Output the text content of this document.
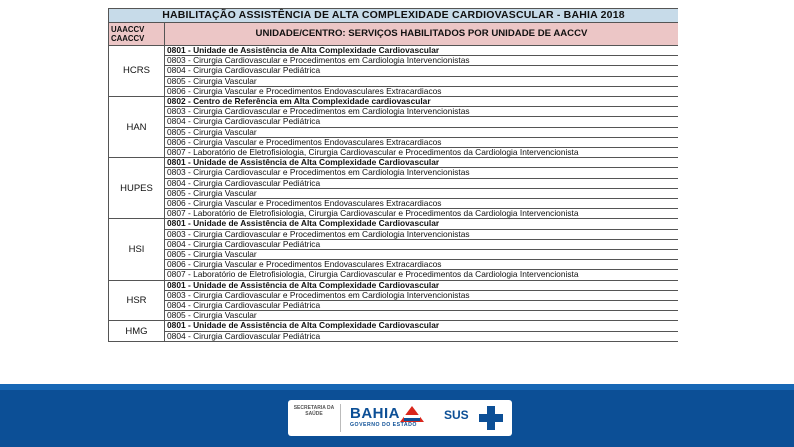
HABILITAÇÃO ASSISTÊNCIA DE ALTA COMPLEXIDADE CARDIOVASCULAR - BAHIA 2018	

UAACCV
CAACCV	UNIDADE/CENTRO: SERVIÇOS HABILITADOS POR UNIDADE DE AACCV
HCRS	0801 - Unidade de Assistência de Alta Complexidade Cardiovascular
	0803 - Cirurgia Cardiovascular e Procedimentos em Cardiologia Intervencionistas
	0804 - Cirurgia Cardiovascular Pediátrica
	0805 - Cirurgia Vascular
	0806 - Cirurgia Vascular e Procedimentos Endovasculares Extracardiacos
HAN	0802 - Centro de Referência em Alta Complexidade cardiovascular
	0803 - Cirurgia Cardiovascular e Procedimentos em Cardiologia Intervencionistas
	0804 - Cirurgia Cardiovascular Pediátrica
	0805 - Cirurgia Vascular
	0806 - Cirurgia Vascular e Procedimentos Endovasculares Extracardiacos
	0807 - Laboratório de Eletrofisiologia, Cirurgia Cardiovascular e Procedimentos da Cardiologia Intervencionista
HUPES	0801 - Unidade de Assistência de Alta Complexidade Cardiovascular
	0803 - Cirurgia Cardiovascular e Procedimentos em Cardiologia Intervencionistas
	0804 - Cirurgia Cardiovascular Pediátrica
	0805 - Cirurgia Vascular
	0806 - Cirurgia Vascular e Procedimentos Endovasculares Extracardiacos
	0807 - Laboratório de Eletrofisiologia, Cirurgia Cardiovascular e Procedimentos da Cardiologia Intervencionista
HSI	0801 - Unidade de Assistência de Alta Complexidade Cardiovascular
	0803 - Cirurgia Cardiovascular e Procedimentos em Cardiologia Intervencionistas
	0804 - Cirurgia Cardiovascular Pediátrica
	0805 - Cirurgia Vascular
	0806 - Cirurgia Vascular e Procedimentos Endovasculares Extracardiacos
	0807 - Laboratório de Eletrofisiologia, Cirurgia Cardiovascular e Procedimentos da Cardiologia Intervencionista
HSR	0801 - Unidade de Assistência de Alta Complexidade Cardiovascular
	0803 - Cirurgia Cardiovascular e Procedimentos em Cardiologia Intervencionistas
	0804 - Cirurgia Cardiovascular Pediátrica
	0805 - Cirurgia Vascular
HMG	0801 - Unidade de Assistência de Alta Complexidade Cardiovascular
	0804 - Cirurgia Cardiovascular Pediátrica
SECRETARIA DA SAÚDE	BAHIA
GOVERNO DO ESTADO
SUS
